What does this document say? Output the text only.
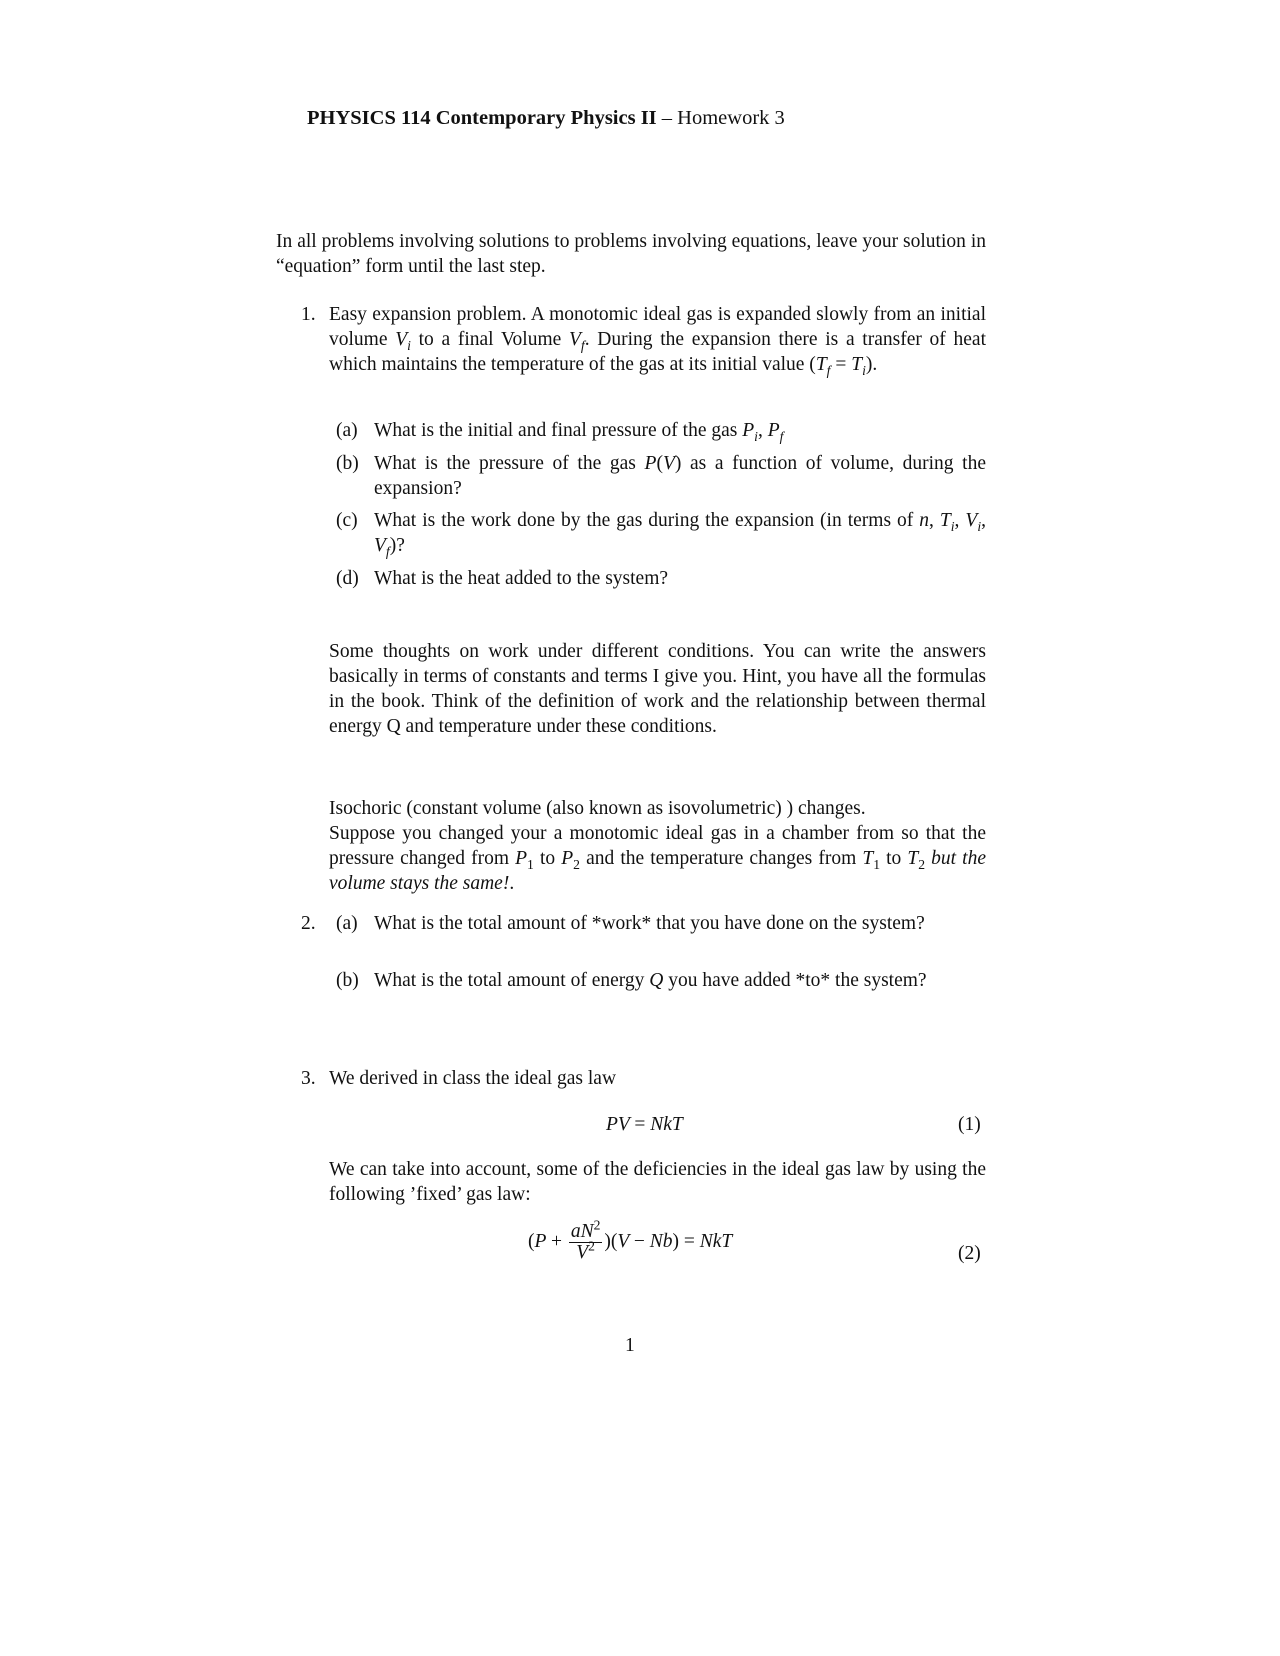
PHYSICS 114 Contemporary Physics II – Homework 3
In all problems involving solutions to problems involving equations, leave your solution in “equation” form until the last step.
1. Easy expansion problem. A monotomic ideal gas is expanded slowly from an initial volume $V_i$ to a final Volume $V_f$. During the expansion there is a transfer of heat which maintains the temperature of the gas at its initial value $(T_f = T_i)$.
(a) What is the initial and final pressure of the gas $P_i$, $P_f$
(b) What is the pressure of the gas P(V) as a function of volume, during the expansion?
(c) What is the work done by the gas during the expansion (in terms of n, $T_i$, $V_i$, $V_f$)?
(d) What is the heat added to the system?
Some thoughts on work under different conditions. You can write the answers basically in terms of constants and terms I give you. Hint, you have all the formulas in the book. Think of the definition of work and the relationship between thermal energy Q and temperature under these conditions.
Isochoric (constant volume (also known as isovolumetric) ) changes.
Suppose you changed your a monotomic ideal gas in a chamber from so that the pressure changed from $P_1$ to $P_2$ and the temperature changes from $T_1$ to $T_2$ but the volume stays the same!.
2. (a) What is the total amount of *work* that you have done on the system?
(b) What is the total amount of energy Q you have added *to* the system?
3. We derived in class the ideal gas law
PV = NkT	(1)
We can take into account, some of the deficiencies in the ideal gas law by using the following ’fixed’ gas law:
$(P + \frac{aN^2}{V^2} )(V - Nb)$ = NkT
(2)
1
